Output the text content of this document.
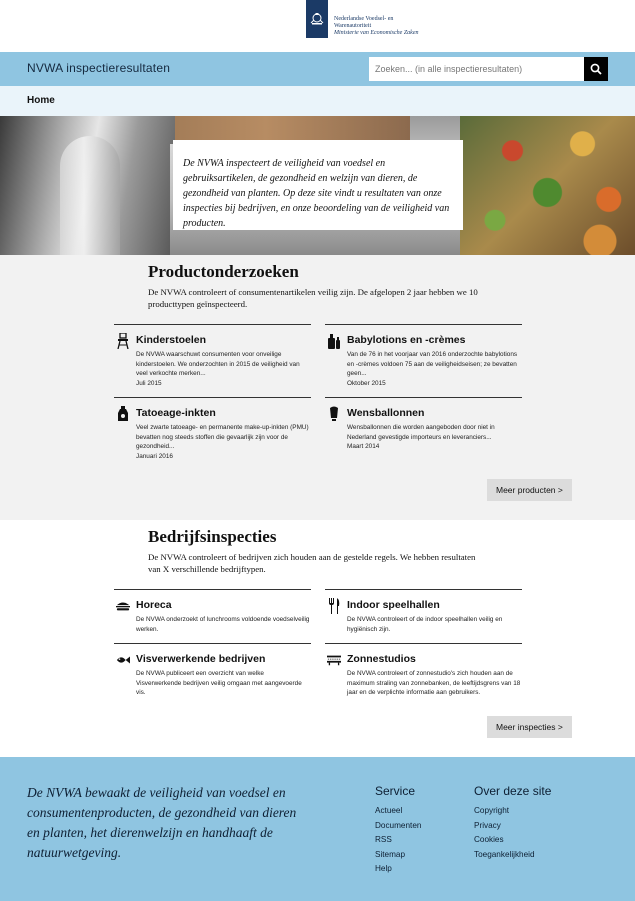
Nederlandse Voedsel- en
Warenautoriteit

Ministerie van Economische Zaken
NVWA inspectieresultaten
Zoeken... (in alle inspectieresultaten)
Home

De NVWA inspecteert de veiligheid van voedsel en gebruiksartikelen, de gezondheid en welzijn van dieren, de gezondheid van planten. Op deze site vindt u resultaten van onze inspecties bij bedrijven, en onze beoordeling van de veiligheid van producten.

Productonderzoeken

De NVWA controleert of consumentenartikelen veilig zijn. De afgelopen 2 jaar hebben we 10 producttypen geïnspecteerd.

Kinderstoelen
De NVWA waarschuwt consumenten voor onveilige kinderstoelen. We onderzochten in 2015 de veiligheid van veel verkochte merken...
Juli 2015
Babylotions en -crèmes
Van de 76 in het voorjaar van 2016 onderzochte babylotions en -crèmes voldoen 75 aan de veiligheidseisen; ze bevatten geen...
Oktober 2015
Tatoeage-inkten
Veel zwarte tatoeage- en permanente make-up-inkten (PMU) bevatten nog steeds stoffen die gevaarlijk zijn voor de gezondheid...
Januari 2016
Wensballonnen
Wensballonnen die worden aangeboden door niet in Nederland gevestigde importeurs en leveranciers...
Maart 2014
Meer producten >
Bedrijfsinspecties

De NVWA controleert of bedrijven zich houden aan de gestelde regels. We hebben resultaten van X verschillende bedrijftypen.

Horeca
De NVWA onderzoekt of lunchrooms voldoende voedselveilig werken.
Indoor speelhallen
De NVWA controleert of de indoor speelhallen veilig en hygiënisch zijn.
Visverwerkende bedrijven
De NVWA publiceert een overzicht van welke Visverwerkende bedrijven veilig omgaan met aangevoerde vis.
Zonnestudios
De NVWA controleert of zonnestudio's zich houden aan de maximum straling van zonnebanken, de leeftijdsgrens van 18 jaar en de verplichte informatie aan gebruikers.
Meer inspecties >

De NVWA bewaakt de veiligheid van voedsel en consumentenproducten, de gezondheid van dieren en planten, het dierenwelzijn en handhaaft de natuurwetgeving.

Service
Actueel
Documenten
RSS
Sitemap
Help
Over deze site
Copyright
Privacy
Cookies
Toegankelijkheid
